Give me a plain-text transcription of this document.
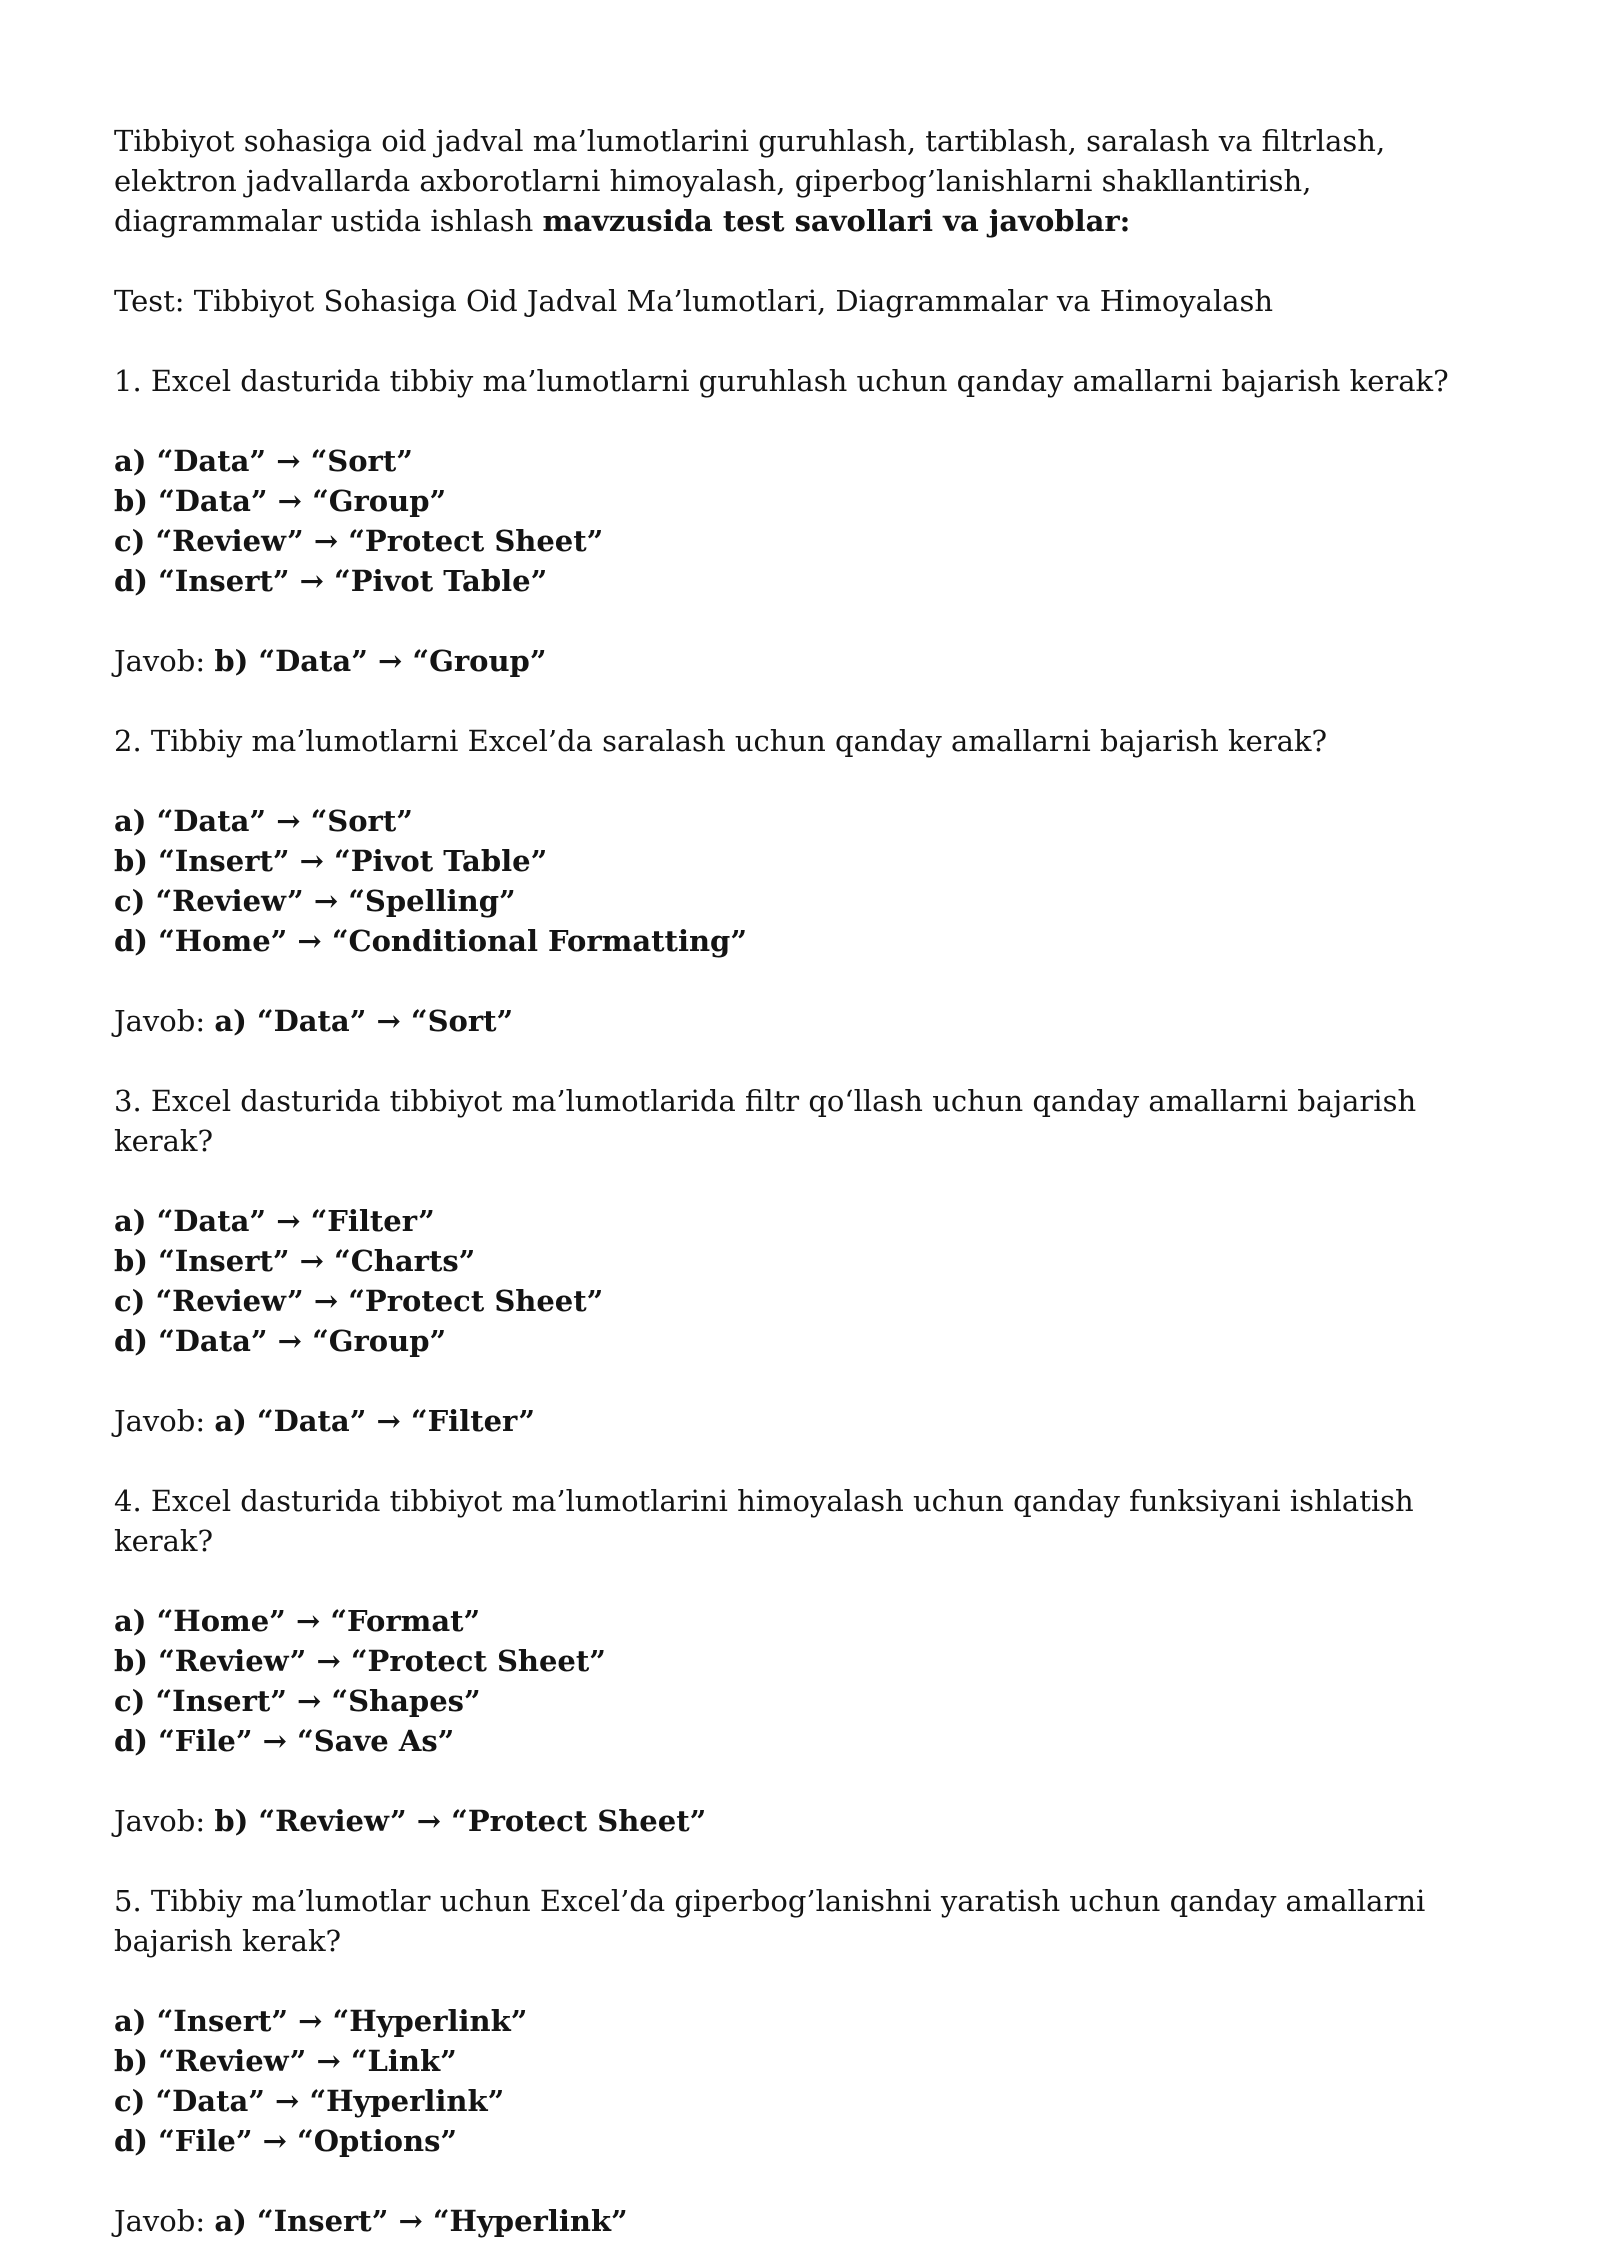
Tibbiyot sohasiga oid jadval ma’lumotlarini guruhlash, tartiblash, saralash va filtrlash, elektron jadvallarda axborotlarni himoyalash, giperbog’lanishlarni shakllantirish, diagrammalar ustida ishlash mavzusida test savollari va javoblar:

Test: Tibbiyot Sohasiga Oid Jadval Ma’lumotlari, Diagrammalar va Himoyalash

1. Excel dasturida tibbiy ma’lumotlarni guruhlash uchun qanday amallarni bajarish kerak?

a) “Data” → “Sort”
b) “Data” → “Group”
c) “Review” → “Protect Sheet”
d) “Insert” → “Pivot Table”

Javob: b) “Data” → “Group”

2. Tibbiy ma’lumotlarni Excel’da saralash uchun qanday amallarni bajarish kerak?

a) “Data” → “Sort”
b) “Insert” → “Pivot Table”
c) “Review” → “Spelling”
d) “Home” → “Conditional Formatting”

Javob: a) “Data” → “Sort”

3. Excel dasturida tibbiyot ma’lumotlarida filtr qo‘llash uchun qanday amallarni bajarish kerak?

a) “Data” → “Filter”
b) “Insert” → “Charts”
c) “Review” → “Protect Sheet”
d) “Data” → “Group”

Javob: a) “Data” → “Filter”

4. Excel dasturida tibbiyot ma’lumotlarini himoyalash uchun qanday funksiyani ishlatish kerak?

a) “Home” → “Format”
b) “Review” → “Protect Sheet”
c) “Insert” → “Shapes”
d) “File” → “Save As”

Javob: b) “Review” → “Protect Sheet”

5. Tibbiy ma’lumotlar uchun Excel’da giperbog’lanishni yaratish uchun qanday amallarni bajarish kerak?

a) “Insert” → “Hyperlink”
b) “Review” → “Link”
c) “Data” → “Hyperlink”
d) “File” → “Options”

Javob: a) “Insert” → “Hyperlink”
